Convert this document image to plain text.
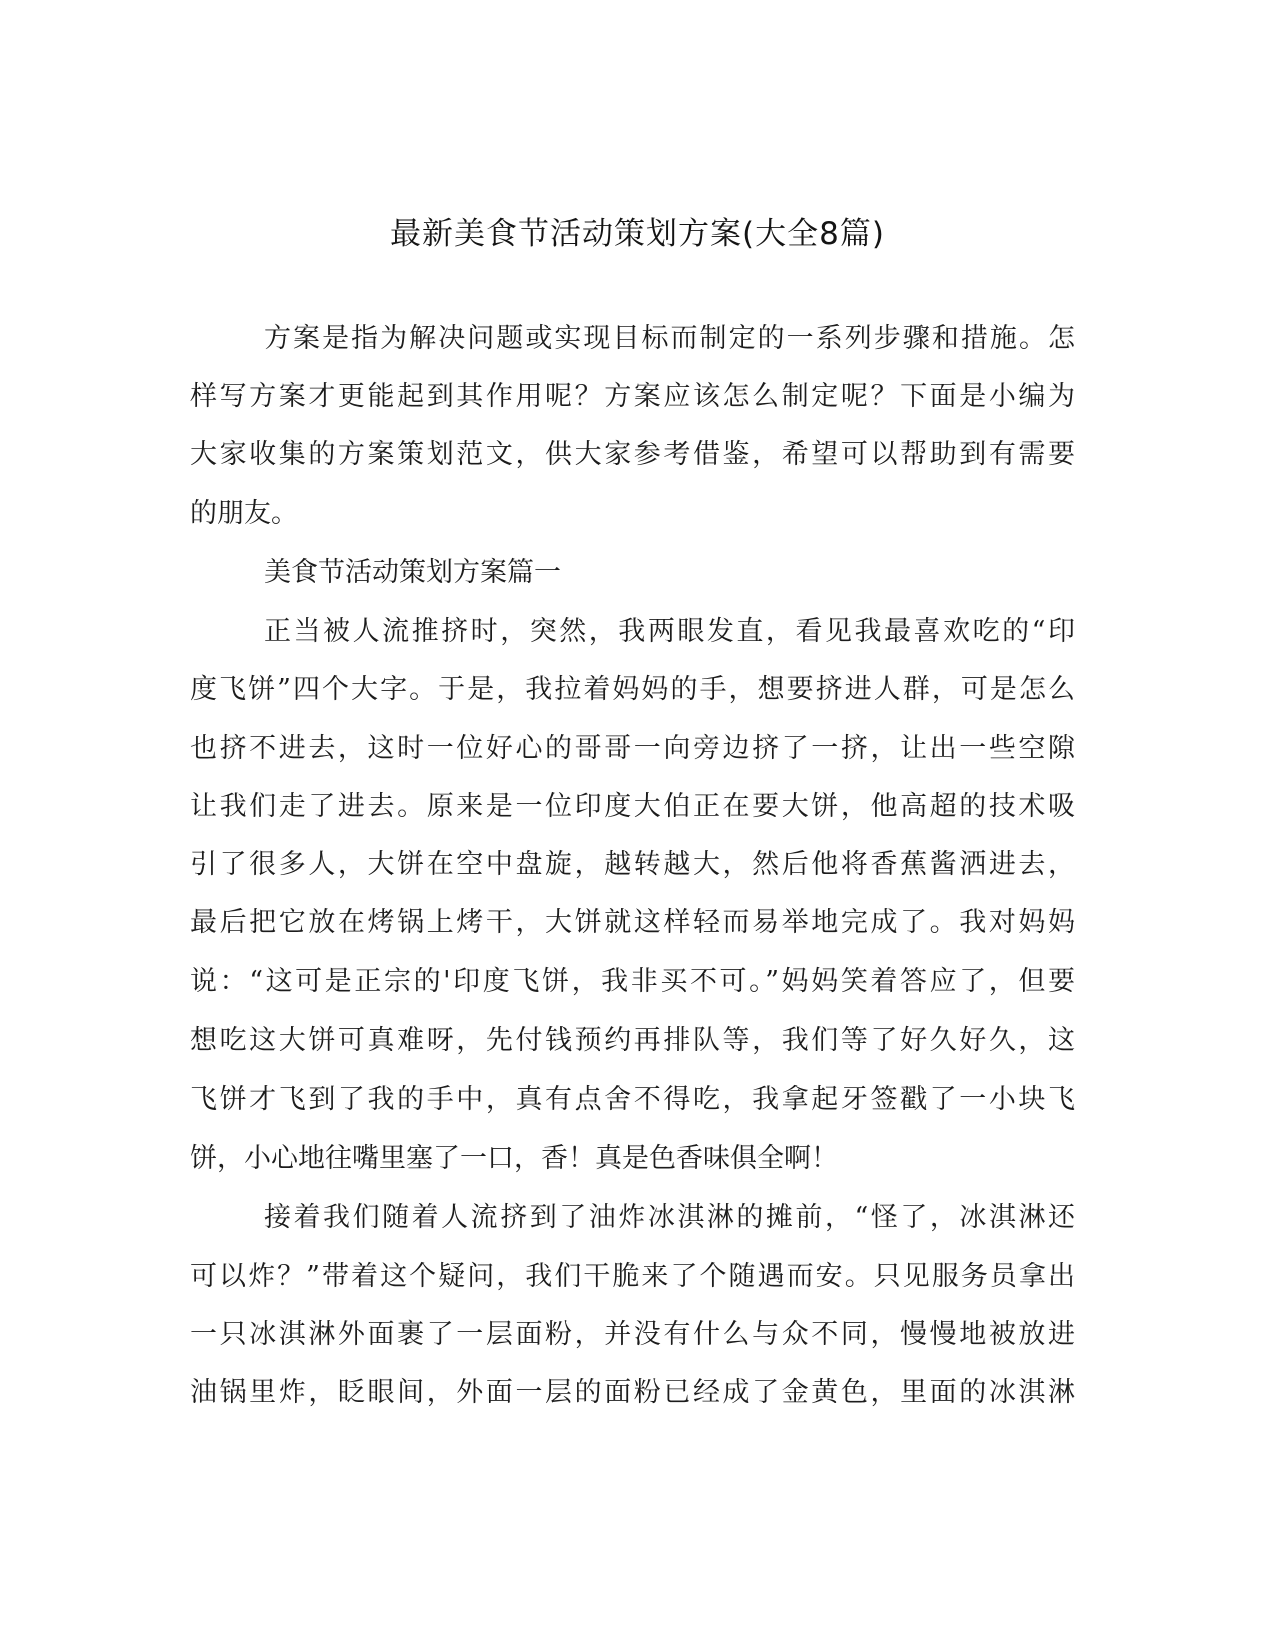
最新美食节活动策划方案(大全8篇)

方案是指为解决问题或实现目标而制定的一系列步骤和措施。怎

样写方案才更能起到其作用呢？方案应该怎么制定呢？下面是小编为

大家收集的方案策划范文，供大家参考借鉴，希望可以帮助到有需要

的朋友。

美食节活动策划方案篇一

正当被人流推挤时，突然，我两眼发直，看见我最喜欢吃的“印

度飞饼”四个大字。于是，我拉着妈妈的手，想要挤进人群，可是怎么

也挤不进去，这时一位好心的哥哥一向旁边挤了一挤，让出一些空隙

让我们走了进去。原来是一位印度大伯正在要大饼，他高超的技术吸

引了很多人，大饼在空中盘旋，越转越大，然后他将香蕉酱洒进去，

最后把它放在烤锅上烤干，大饼就这样轻而易举地完成了。我对妈妈

说：“这可是正宗的'印度飞饼，我非买不可。”妈妈笑着答应了，但要

想吃这大饼可真难呀，先付钱预约再排队等，我们等了好久好久，这

飞饼才飞到了我的手中，真有点舍不得吃，我拿起牙签戳了一小块飞

饼，小心地往嘴里塞了一口，香！真是色香味俱全啊！

接着我们随着人流挤到了油炸冰淇淋的摊前，“怪了，冰淇淋还

可以炸？”带着这个疑问，我们干脆来了个随遇而安。只见服务员拿出

一只冰淇淋外面裹了一层面粉，并没有什么与众不同，慢慢地被放进

油锅里炸，眨眼间，外面一层的面粉已经成了金黄色，里面的冰淇淋
